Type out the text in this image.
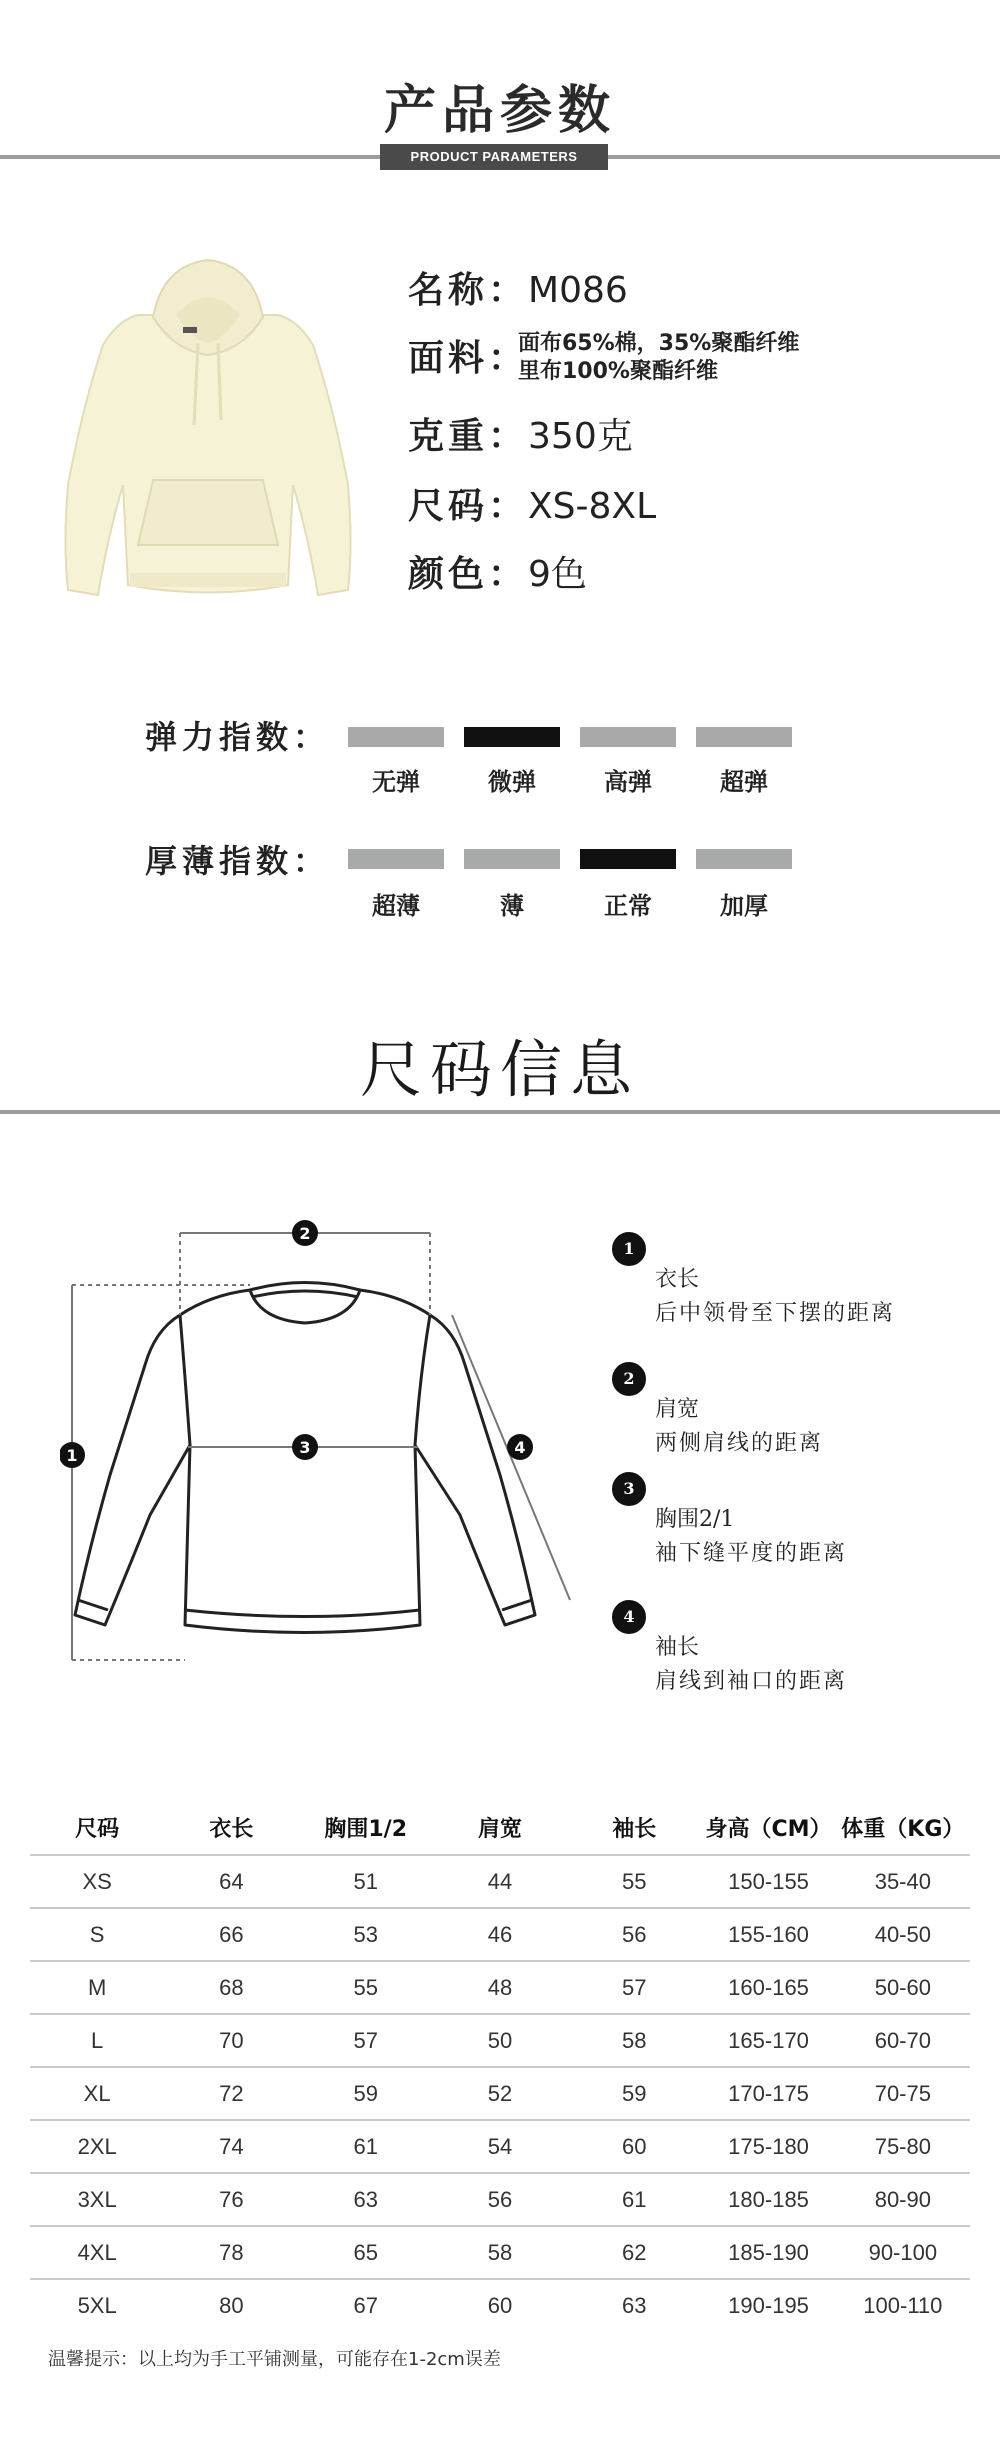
产品参数
PRODUCT PARAMETERS
名称：M086
面料：
面布65%棉，35%聚酯纤维
里布100%聚酯纤维
克重：350克
尺码：XS-8XL
颜色：9色
弹力指数：
无弹	微弹	高弹	超弹
厚薄指数：
超薄	薄	正常	加厚
尺码信息
2
1	3	4
1
衣长
后中领骨至下摆的距离
2
肩宽
两侧肩线的距离
3
胸围2/1
袖下缝平度的距离
4
袖长
肩线到袖口的距离
尺码	衣长	胸围1/2	肩宽	袖长	身高（CM）	体重（KG）
XS	64	51	44	55	150-155	35-40
S	66	53	46	56	155-160	40-50
M	68	55	48	57	160-165	50-60
L	70	57	50	58	165-170	60-70
XL	72	59	52	59	170-175	70-75
2XL	74	61	54	60	175-180	75-80
3XL	76	63	56	61	180-185	80-90
4XL	78	65	58	62	185-190	90-100
5XL	80	67	60	63	190-195	100-110
温馨提示：以上均为手工平铺测量，可能存在1-2cm误差
